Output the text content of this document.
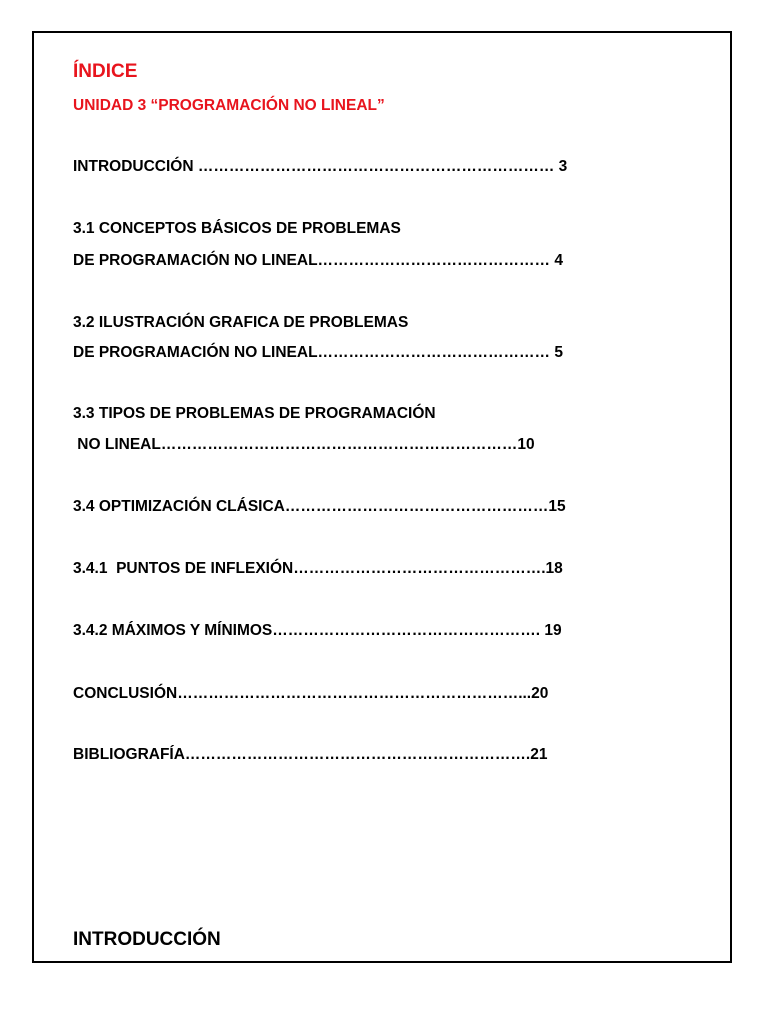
ÍNDICE
UNIDAD 3 “PROGRAMACIÓN NO LINEAL”

INTRODUCCIÓN …………………………………………………………… 3

3.1 CONCEPTOS BÁSICOS DE PROBLEMAS

DE PROGRAMACIÓN NO LINEAL……………………………………… 4

3.2 ILUSTRACIÓN GRAFICA DE PROBLEMAS

DE PROGRAMACIÓN NO LINEAL……………………………………… 5

3.3 TIPOS DE PROBLEMAS DE PROGRAMACIÓN

NO LINEAL……………………………………………………………10

3.4 OPTIMIZACIÓN CLÁSICA……………………………………………15

3.4.1  PUNTOS DE INFLEXIÓN………………………………………….18

3.4.2 MÁXIMOS Y MÍNIMOS……………………………………………. 19

CONCLUSIÓN…………………………………………………………...20

BIBLIOGRAFÍA………………………………………………………….21

INTRODUCCIÓN
